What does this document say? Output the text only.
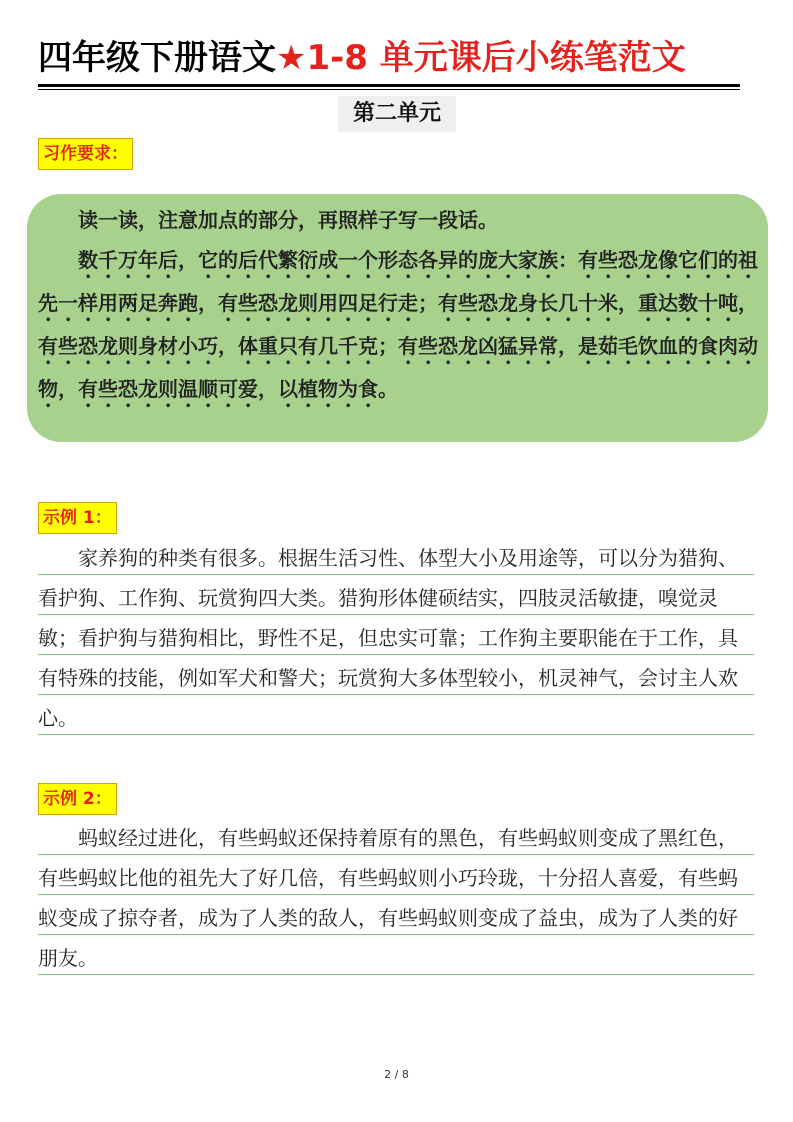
四年级下册语文★1-8 单元课后小练笔范文
第二单元
习作要求：

读一读，注意加点的部分，再照样子写一段话。

数千万年后，它的后代繁衍成一个形态各异的庞大家族：有些恐龙像它们的祖先一样用两足奔跑，有些恐龙则用四足行走；有些恐龙身长几十米，重达数十吨，有些恐龙则身材小巧，体重只有几千克；有些恐龙凶猛异常，是茹毛饮血的食肉动物，有些恐龙则温顺可爱，以植物为食。

示例 1：

家养狗的种类有很多。根据生活习性、体型大小及用途等，可以分为猎狗、看护狗、工作狗、玩赏狗四大类。猎狗形体健硕结实，四肢灵活敏捷，嗅觉灵敏；看护狗与猎狗相比，野性不足，但忠实可靠；工作狗主要职能在于工作，具有特殊的技能，例如军犬和警犬；玩赏狗大多体型较小，机灵神气，会讨主人欢心。

示例 2：

蚂蚁经过进化，有些蚂蚁还保持着原有的黑色，有些蚂蚁则变成了黑红色，有些蚂蚁比他的祖先大了好几倍，有些蚂蚁则小巧玲珑，十分招人喜爱，有些蚂蚁变成了掠夺者，成为了人类的敌人，有些蚂蚁则变成了益虫，成为了人类的好朋友。

2 / 8
